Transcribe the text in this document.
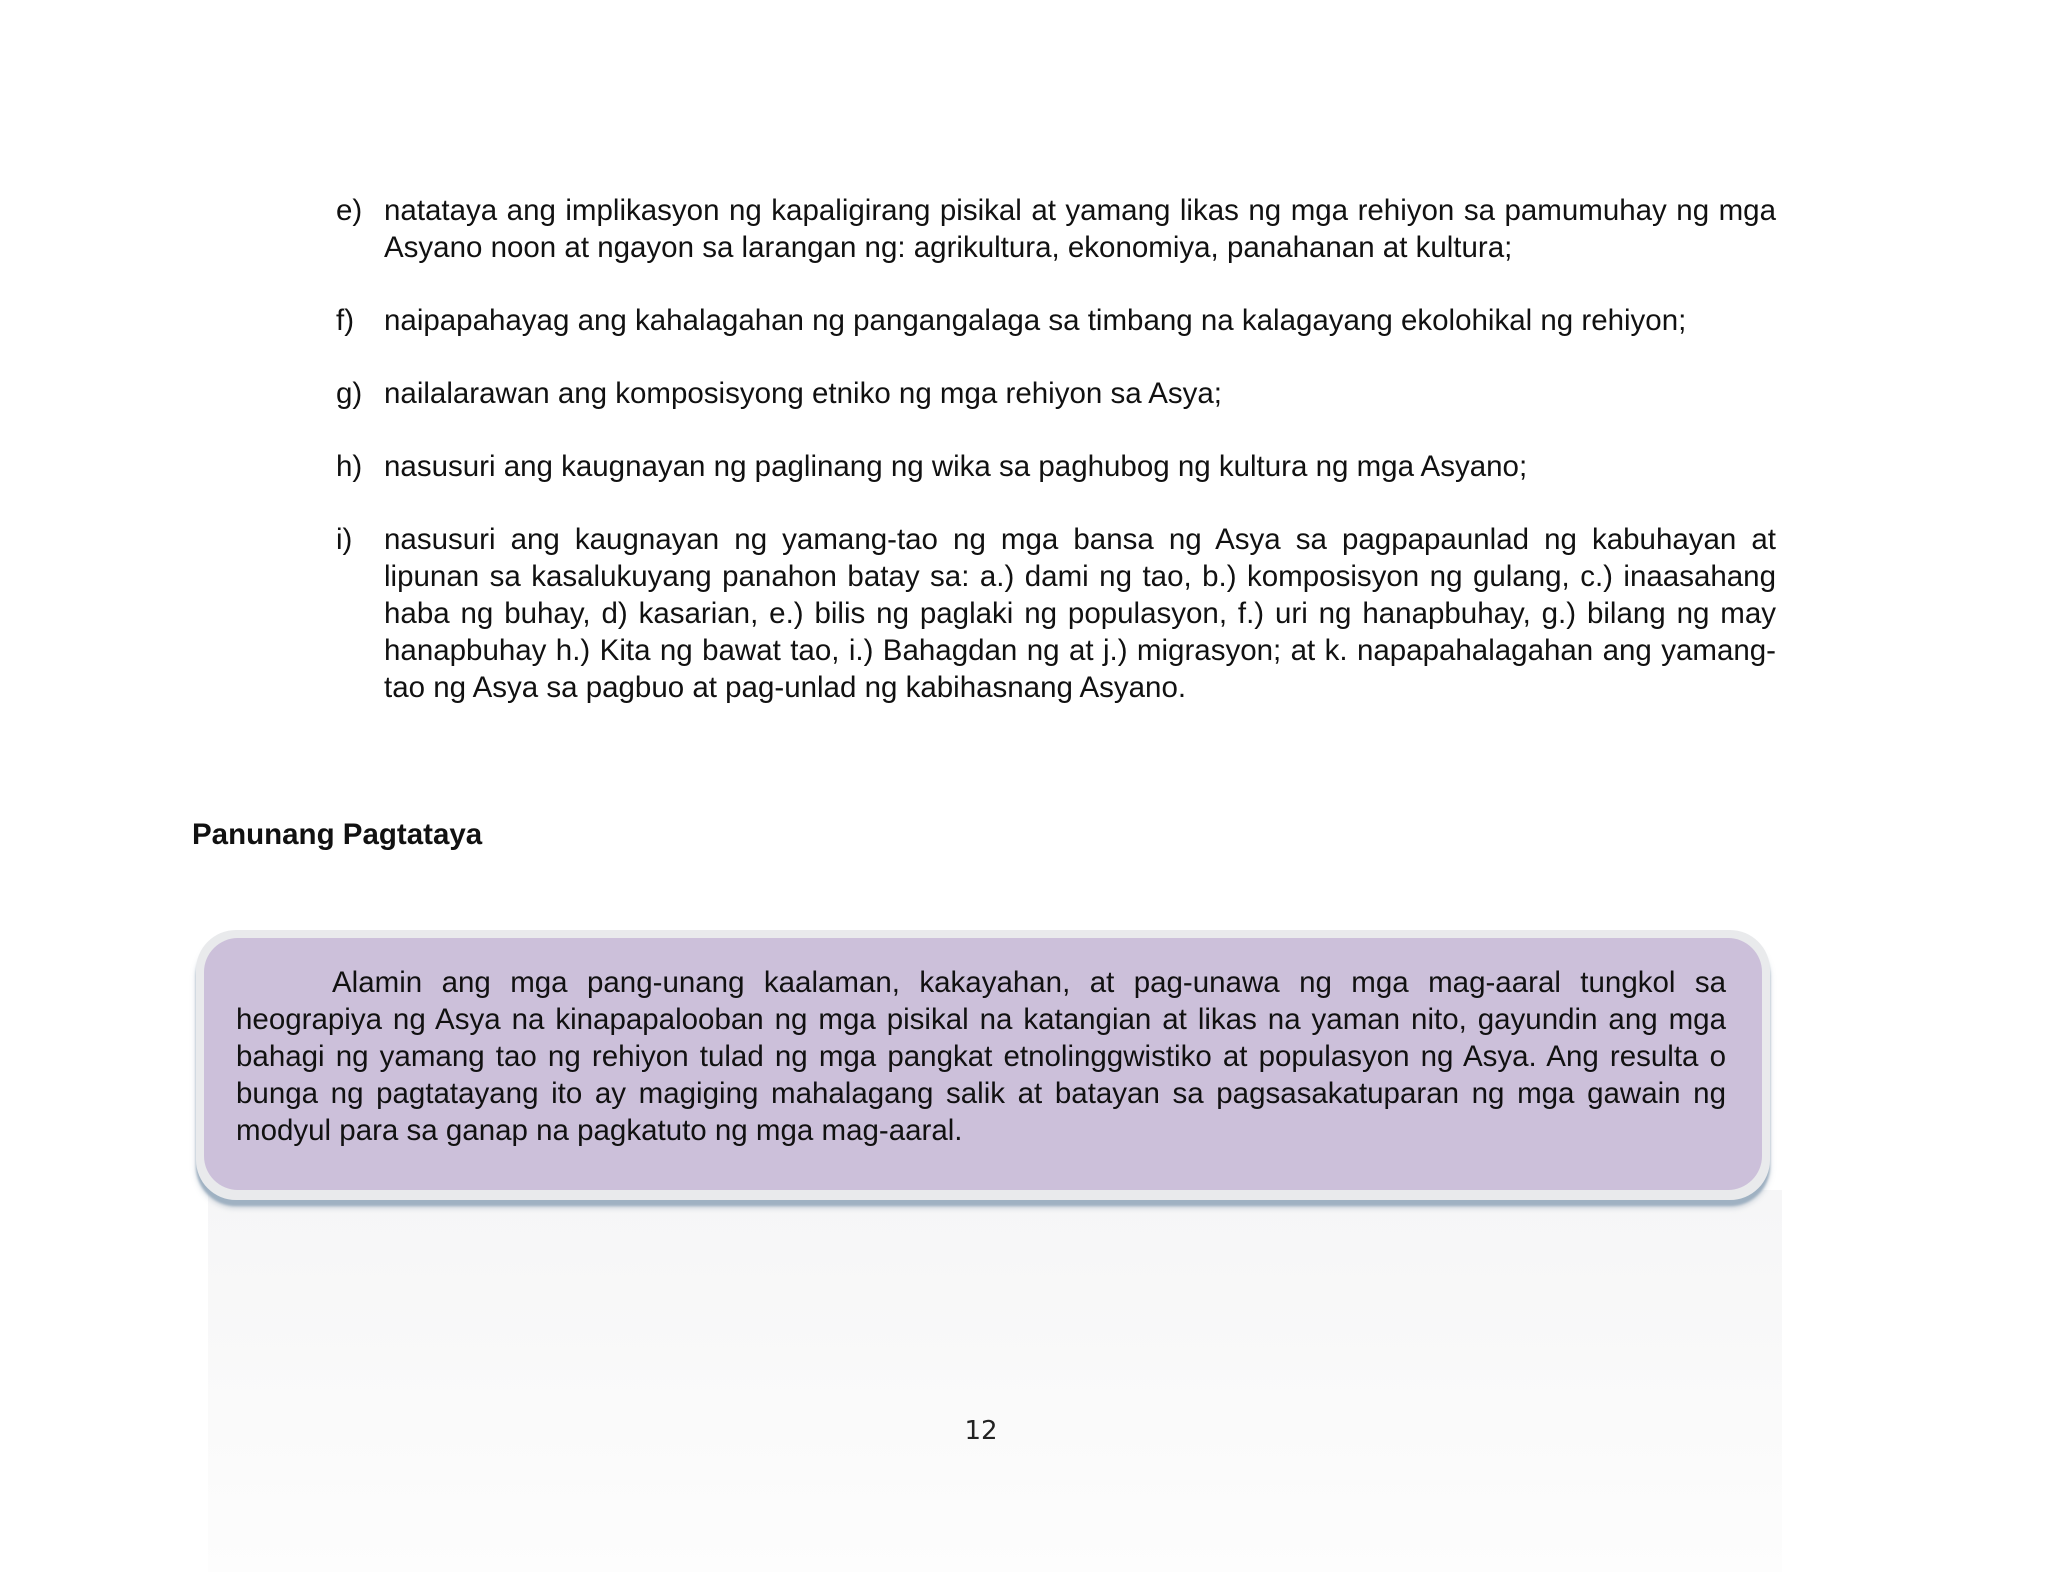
e) natataya ang implikasyon ng kapaligirang pisikal at yamang likas ng mga rehiyon sa pamumuhay ng mga Asyano noon at ngayon sa larangan ng: agrikultura, ekonomiya, panahanan at kultura;
f) naipapahayag ang kahalagahan ng pangangalaga sa timbang na kalagayang ekolohikal ng rehiyon;
g) nailalarawan ang komposisyong etniko ng mga rehiyon sa Asya;
h) nasusuri ang kaugnayan ng paglinang ng wika sa paghubog ng kultura ng mga Asyano;
i) nasusuri ang kaugnayan ng yamang-tao ng mga bansa ng Asya sa pagpapaunlad ng kabuhayan at lipunan sa kasalukuyang panahon batay sa: a.) dami ng tao, b.) komposisyon ng gulang, c.) inaasahang haba ng buhay, d) kasarian, e.) bilis ng paglaki ng populasyon, f.) uri ng hanapbuhay, g.) bilang ng may hanapbuhay h.) Kita ng bawat tao, i.) Bahagdan ng at j.) migrasyon; at k. napapahalagahan ang yamang-tao ng Asya sa pagbuo at pag-unlad ng kabihasnang Asyano.
Panunang Pagtataya

Alamin ang mga pang-unang kaalaman, kakayahan, at pag-unawa ng mga mag-aaral tungkol sa heograpiya ng Asya na kinapapalooban ng mga pisikal na katangian at likas na yaman nito, gayundin ang mga bahagi ng yamang tao ng rehiyon tulad ng mga pangkat etnolinggwistiko at populasyon ng Asya. Ang resulta o bunga ng pagtatayang ito ay magiging mahalagang salik at batayan sa pagsasakatuparan ng mga gawain ng modyul para sa ganap na pagkatuto ng mga mag-aaral.

12
